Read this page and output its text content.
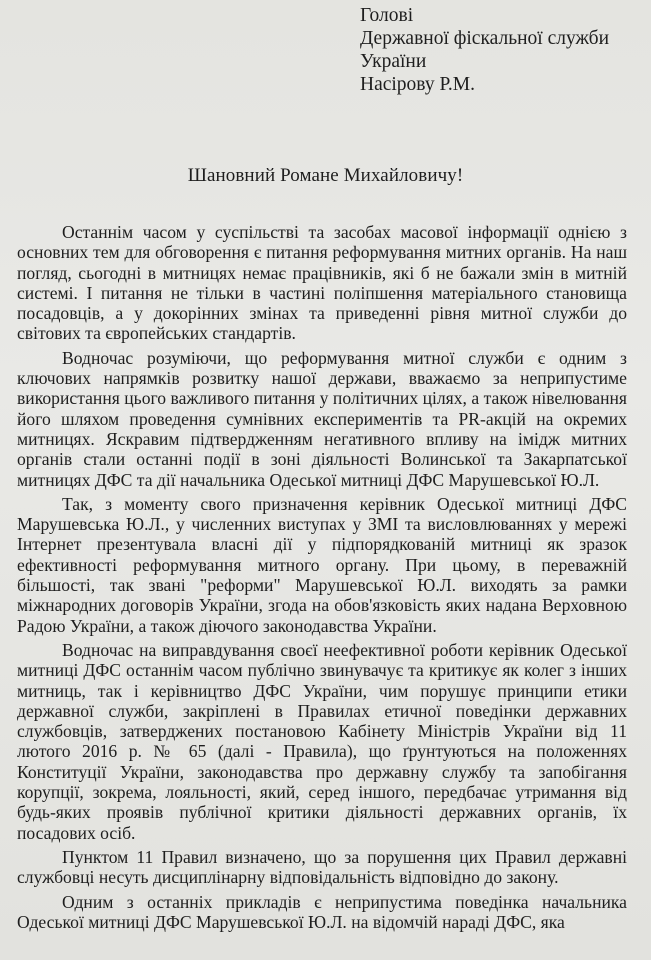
Голові
Державної фіскальної служби
України
Насірову Р.М.
Шановний Романе Михайловичу!

Останнім часом у суспільстві та засобах масової інформації однією з основних тем для обговорення є питання реформування митних органів. На наш погляд, сьогодні в митницях немає працівників, які б не бажали змін в митній системі. І питання не тільки в частині поліпшення матеріального становища посадовців, а у докорінних змінах та приведенні рівня митної служби до світових та європейських стандартів.

Водночас розуміючи, що реформування митної служби є одним з ключових напрямків розвитку нашої держави, вважаємо за неприпустиме використання цього важливого питання у політичних цілях, а також нівелювання його шляхом проведення сумнівних експериментів та PR-акцій на окремих митницях. Яскравим підтвердженням негативного впливу на імідж митних органів стали останні події в зоні діяльності Волинської та Закарпатської митницях ДФС та дії начальника Одеської митниці ДФС Марушевської Ю.Л.

Так, з моменту свого призначення керівник Одеської митниці ДФС Марушевська Ю.Л., у численних виступах у ЗМІ та висловлюваннях у мережі Інтернет презентувала власні дії у підпорядкованій митниці як зразок ефективності реформування митного органу. При цьому, в переважній більшості, так звані "реформи" Марушевської Ю.Л. виходять за рамки міжнародних договорів України, згода на обов'язковість яких надана Верховною Радою України, а також діючого законодавства України.

Водночас на виправдування своєї неефективної роботи керівник Одеської митниці ДФС останнім часом публічно звинувачує та критикує як колег з інших митниць, так і керівництво ДФС України, чим порушує принципи етики державної служби, закріплені в Правилах етичної поведінки державних службовців, затверджених постановою Кабінету Міністрів України від 11 лютого 2016 р. № 65 (далі - Правила), що ґрунтуються на положеннях Конституції України, законодавства про державну службу та запобігання корупції, зокрема, лояльності, який, серед іншого, передбачає утримання від будь-яких проявів публічної критики діяльності державних органів, їх посадових осіб.

Пунктом 11 Правил визначено, що за порушення цих Правил державні службовці несуть дисциплінарну відповідальність відповідно до закону.

Одним з останніх прикладів є неприпустима поведінка начальника Одеської митниці ДФС Марушевської Ю.Л. на відомчій нараді ДФС, яка
